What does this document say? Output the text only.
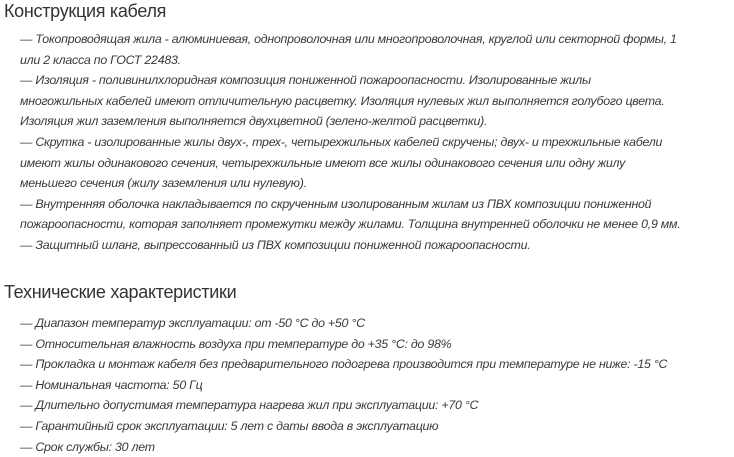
Конструкция кабеля
— Токопроводящая жила - алюминиевая, однопроволочная или многопроволочная, круглой или секторной формы, 1
или 2 класса по ГОСТ 22483.
— Изоляция - поливинилхлоридная композиция пониженной пожароопасности. Изолированные жилы
многожильных кабелей имеют отличительную расцветку. Изоляция нулевых жил выполняется голубого цвета.
Изоляция жил заземления выполняется двухцветной (зелено-желтой расцветки).
— Скрутка - изолированные жилы двух-, трех-, четырехжильных кабелей скручены; двух- и трехжильные кабели
имеют жилы одинакового сечения, четырехжильные имеют все жилы одинакового сечения или одну жилу
меньшего сечения (жилу заземления или нулевую).
— Внутренняя оболочка накладывается по скрученным изолированным жилам из ПВХ композиции пониженной
пожароопасности, которая заполняет промежутки между жилами. Толщина внутренней оболочки не менее 0,9 мм.
— Защитный шланг, выпрессованный из ПВХ композиции пониженной пожароопасности.
Технические характеристики
— Диапазон температур эксплуатации: от -50 °С до +50 °С
— Относительная влажность воздуха при температуре до +35 °С: до 98%
— Прокладка и монтаж кабеля без предварительного подогрева производится при температуре не ниже: -15 °С
— Номинальная частота: 50 Гц
— Длительно допустимая температура нагрева жил при эксплуатации: +70 °С
— Гарантийный срок эксплуатации: 5 лет с даты ввода в эксплуатацию
— Срок службы: 30 лет
